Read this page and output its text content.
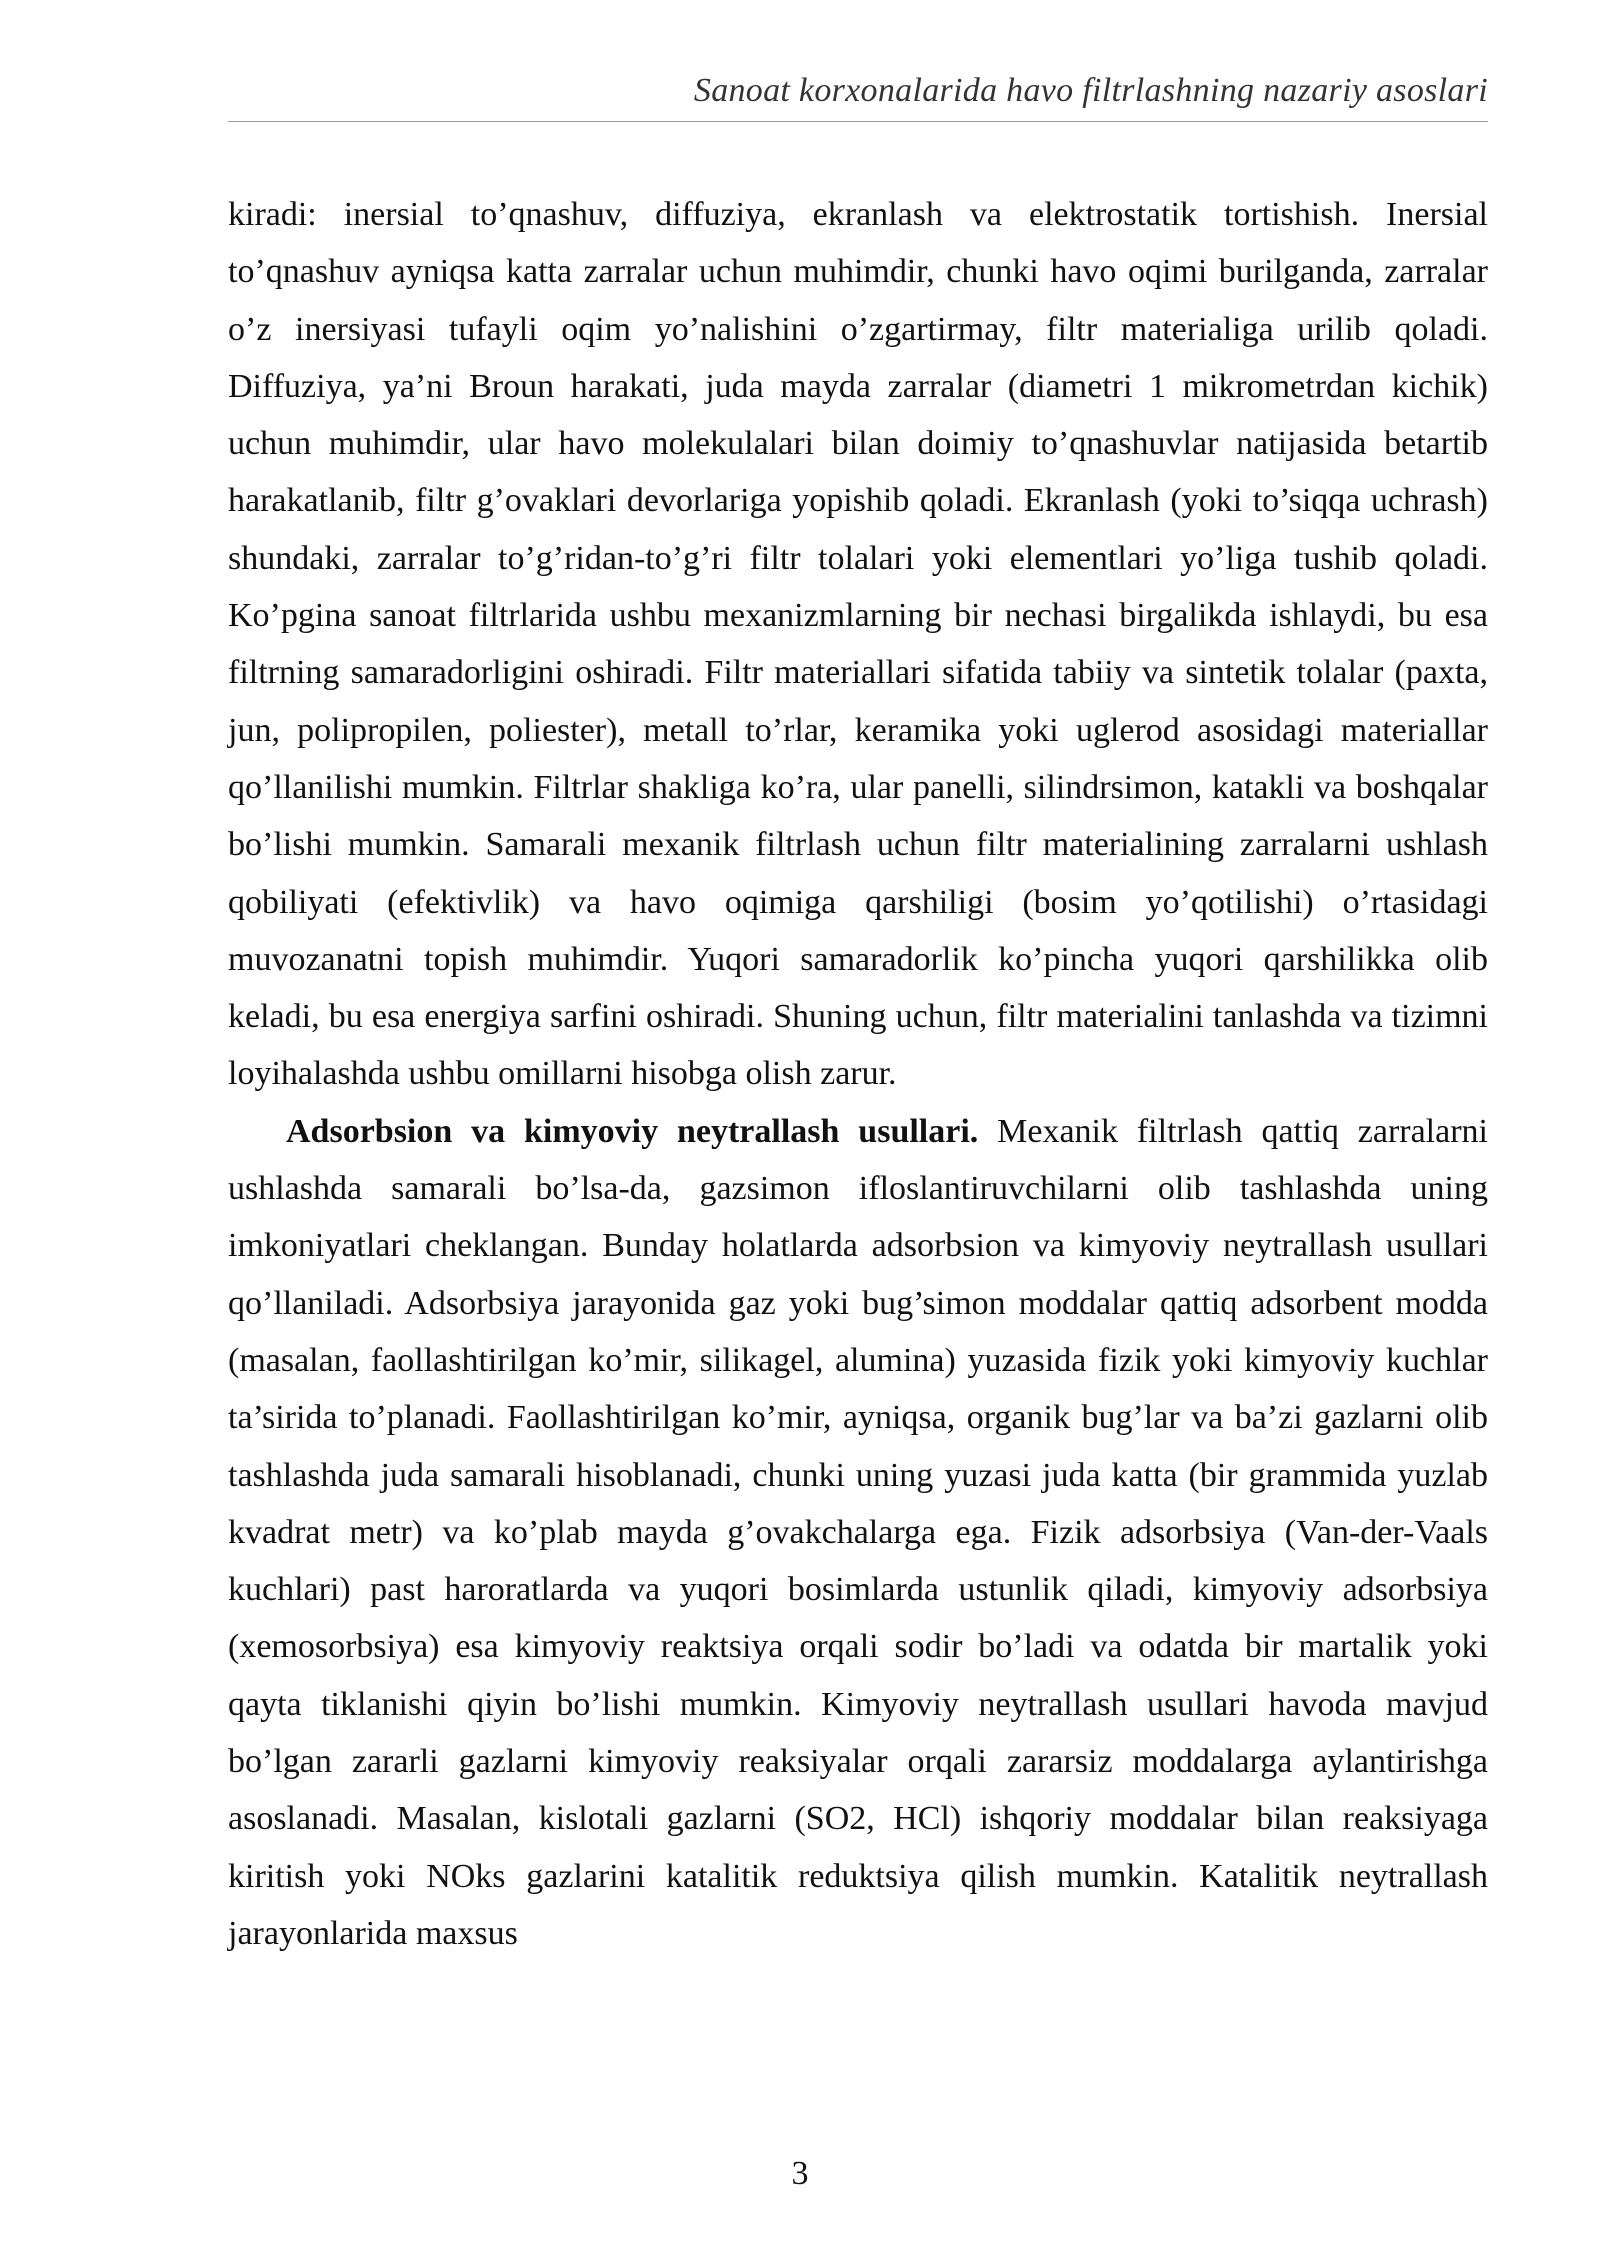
Sanoat korxonalarida havo filtrlashning nazariy asoslari

kiradi: inersial to’qnashuv, diffuziya, ekranlash va elektrostatik tortishish. Inersial to’qnashuv ayniqsa katta zarralar uchun muhimdir, chunki havo oqimi burilganda, zarralar o’z inersiyasi tufayli oqim yo’nalishini o’zgartirmay, filtr materialiga urilib qoladi. Diffuziya, ya’ni Broun harakati, juda mayda zarralar (diametri 1 mikrometrdan kichik) uchun muhimdir, ular havo molekulalari bilan doimiy to’qnashuvlar natijasida betartib harakatlanib, filtr g’ovaklari devorlariga yopishib qoladi. Ekranlash (yoki to’siqqa uchrash) shundaki, zarralar to’g’ridan-to’g’ri filtr tolalari yoki elementlari yo’liga tushib qoladi. Ko’pgina sanoat filtrlarida ushbu mexanizmlarning bir nechasi birgalikda ishlaydi, bu esa filtrning samaradorligini oshiradi. Filtr materiallari sifatida tabiiy va sintetik tolalar (paxta, jun, polipropilen, poliester), metall to’rlar, keramika yoki uglerod asosidagi materiallar qo’llanilishi mumkin. Filtrlar shakliga ko’ra, ular panelli, silindrsimon, katakli va boshqalar bo’lishi mumkin. Samarali mexanik filtrlash uchun filtr materialining zarralarni ushlash qobiliyati (efektivlik) va havo oqimiga qarshiligi (bosim yo’qotilishi) o’rtasidagi muvozanatni topish muhimdir. Yuqori samaradorlik ko’pincha yuqori qarshilikka olib keladi, bu esa energiya sarfini oshiradi. Shuning uchun, filtr materialini tanlashda va tizimni loyihalashda ushbu omillarni hisobga olish zarur.

Adsorbsion va kimyoviy neytrallash usullari. Mexanik filtrlash qattiq zarralarni ushlashda samarali bo’lsa-da, gazsimon ifloslantiruvchilarni olib tashlashda uning imkoniyatlari cheklangan. Bunday holatlarda adsorbsion va kimyoviy neytrallash usullari qo’llaniladi. Adsorbsiya jarayonida gaz yoki bug’simon moddalar qattiq adsorbent modda (masalan, faollashtirilgan ko’mir, silikagel, alumina) yuzasida fizik yoki kimyoviy kuchlar ta’sirida to’planadi. Faollashtirilgan ko’mir, ayniqsa, organik bug’lar va ba’zi gazlarni olib tashlashda juda samarali hisoblanadi, chunki uning yuzasi juda katta (bir grammida yuzlab kvadrat metr) va ko’plab mayda g’ovakchalarga ega. Fizik adsorbsiya (Van-der-Vaals kuchlari) past haroratlarda va yuqori bosimlarda ustunlik qiladi, kimyoviy adsorbsiya (xemosorbsiya) esa kimyoviy reaktsiya orqali sodir bo’ladi va odatda bir martalik yoki qayta tiklanishi qiyin bo’lishi mumkin. Kimyoviy neytrallash usullari havoda mavjud bo’lgan zararli gazlarni kimyoviy reaksiyalar orqali zararsiz moddalarga aylantirishga asoslanadi. Masalan, kislotali gazlarni (SO2, HCl) ishqoriy moddalar bilan reaksiyaga kiritish yoki NOks gazlarini katalitik reduktsiya qilish mumkin. Katalitik neytrallash jarayonlarida maxsus

3
